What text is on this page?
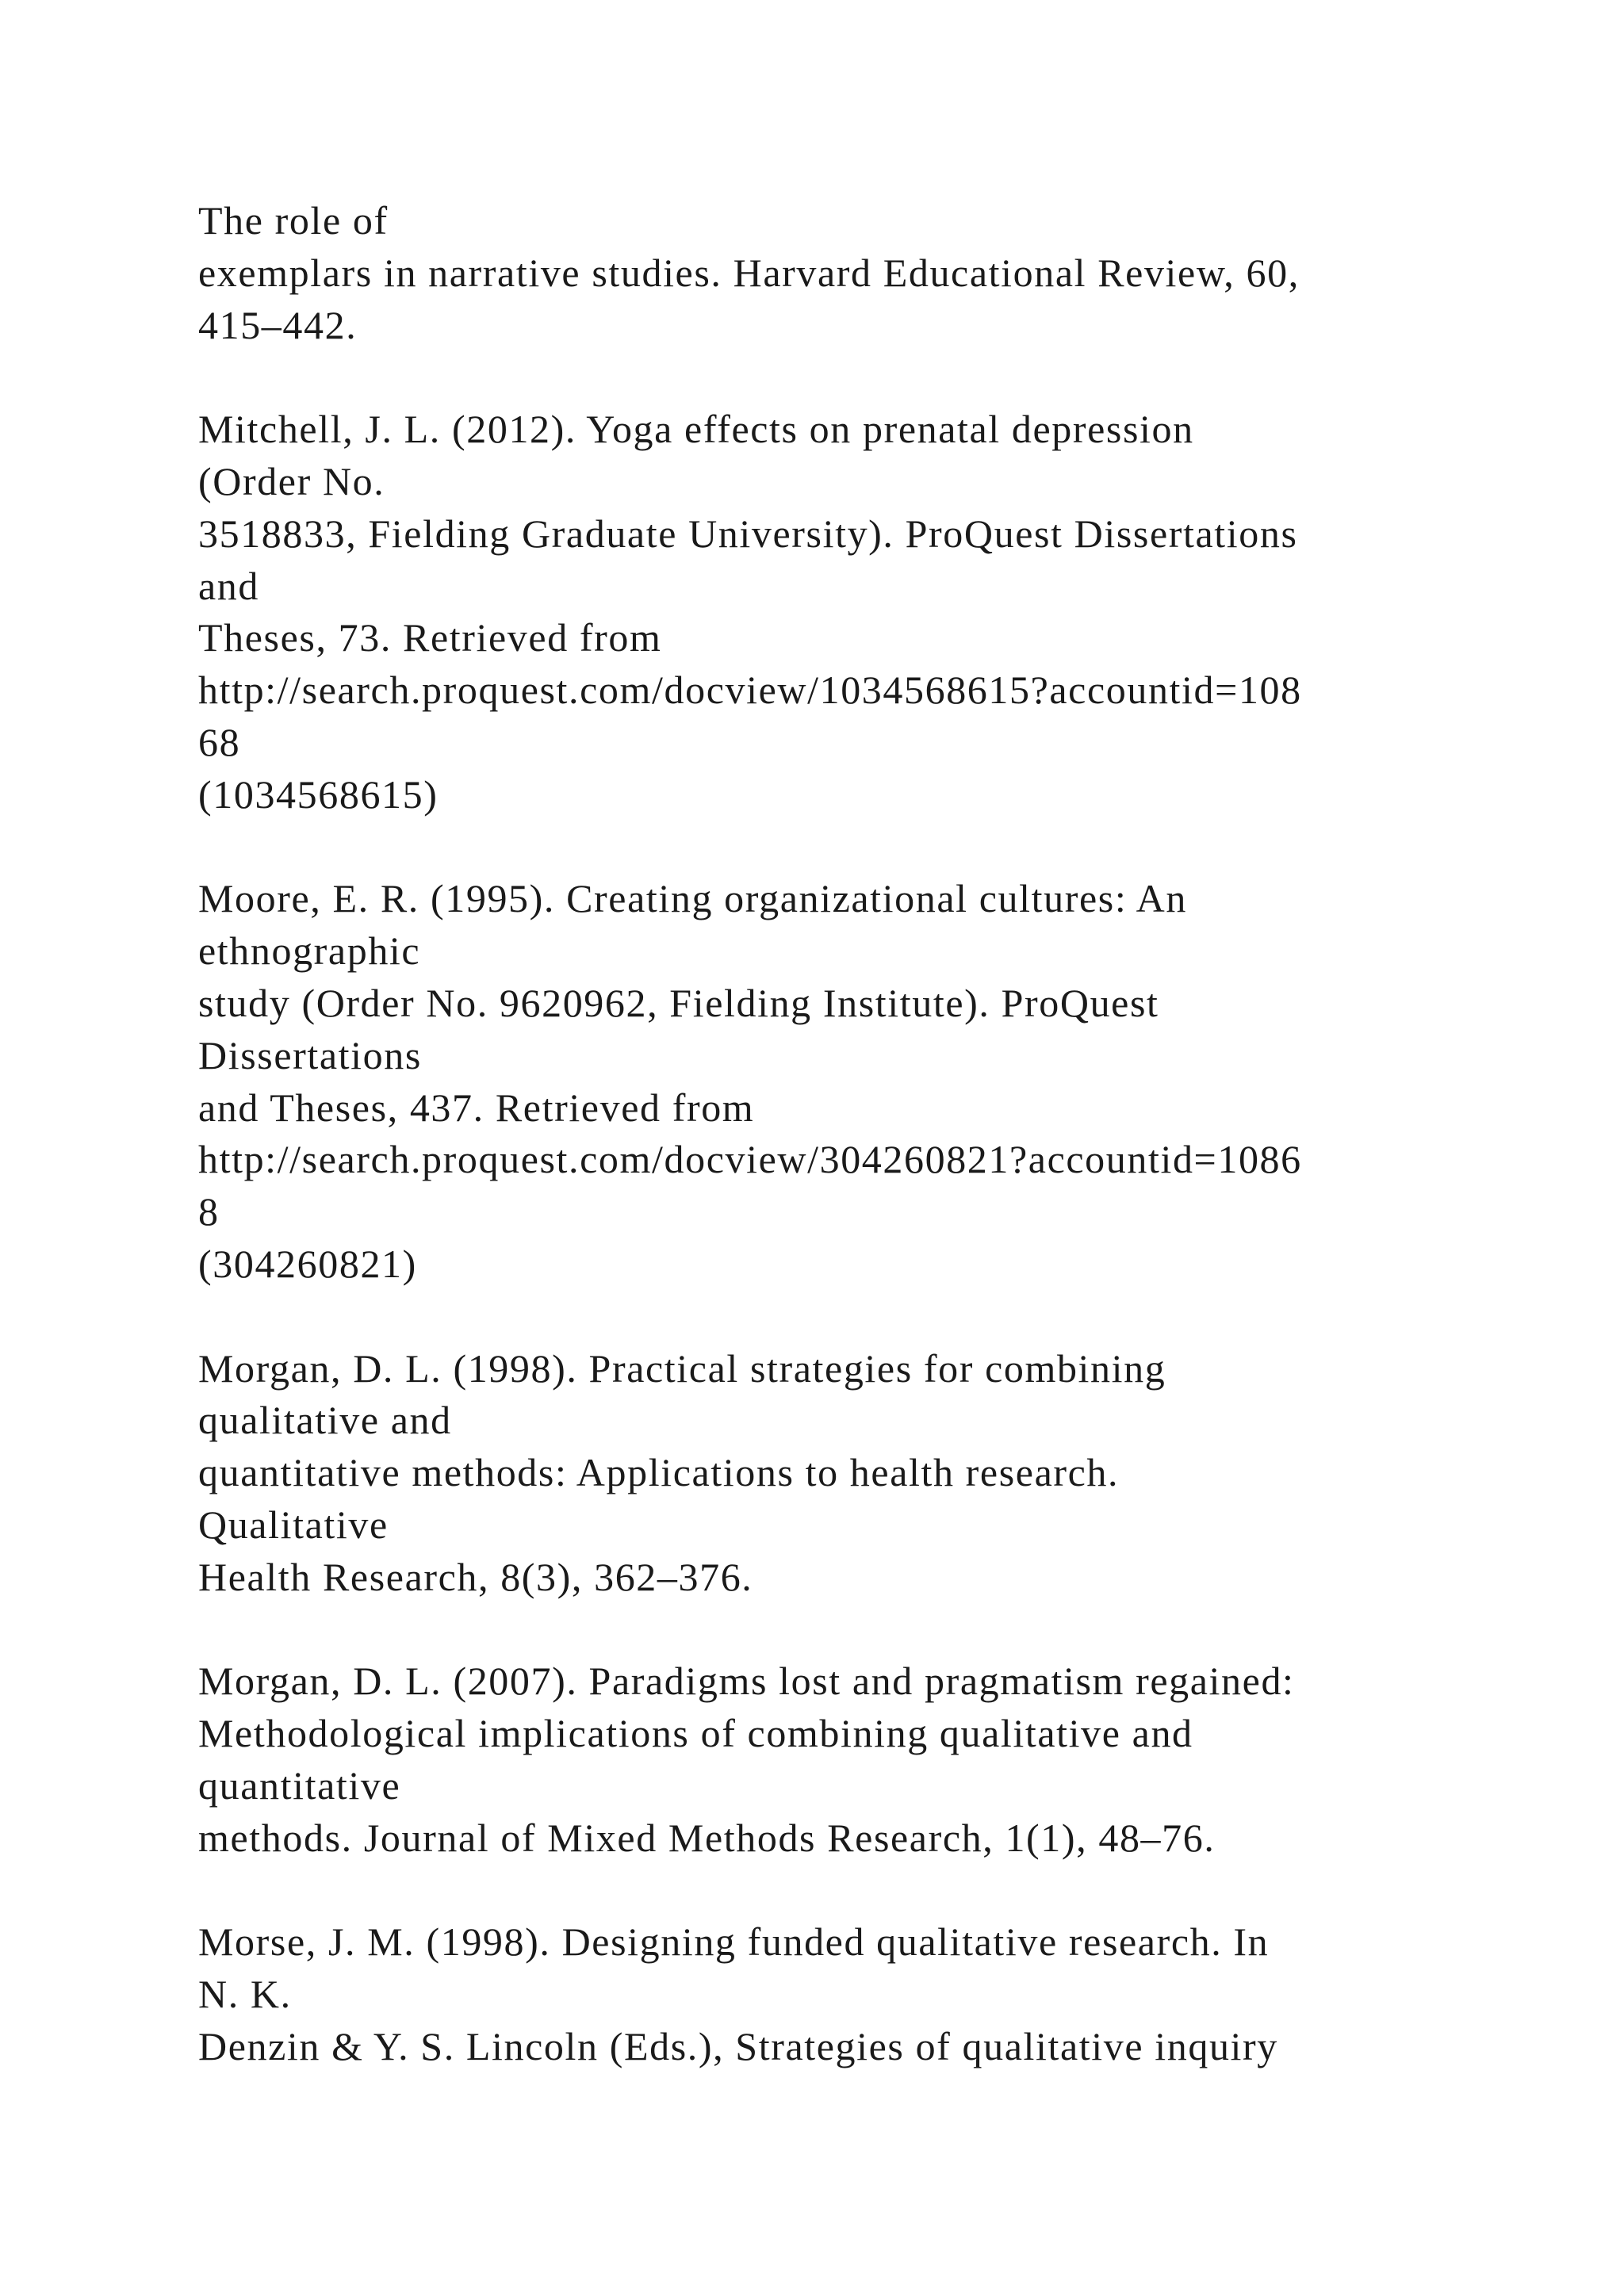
The role of
exemplars in narrative studies. Harvard Educational Review, 60,
415–442.
Mitchell, J. L. (2012). Yoga effects on prenatal depression
(Order No.
3518833, Fielding Graduate University). ProQuest Dissertations
and
Theses, 73. Retrieved from
http://search.proquest.com/docview/1034568615?accountid=108
68
(1034568615)
Moore, E. R. (1995). Creating organizational cultures: An
ethnographic
study (Order No. 9620962, Fielding Institute). ProQuest
Dissertations
and Theses, 437. Retrieved from
http://search.proquest.com/docview/304260821?accountid=1086
8
(304260821)
Morgan, D. L. (1998). Practical strategies for combining
qualitative and
quantitative methods: Applications to health research.
Qualitative
Health Research, 8(3), 362–376.
Morgan, D. L. (2007). Paradigms lost and pragmatism regained:
Methodological implications of combining qualitative and
quantitative
methods. Journal of Mixed Methods Research, 1(1), 48–76.
Morse, J. M. (1998). Designing funded qualitative research. In
N. K.
Denzin & Y. S. Lincoln (Eds.), Strategies of qualitative inquiry
